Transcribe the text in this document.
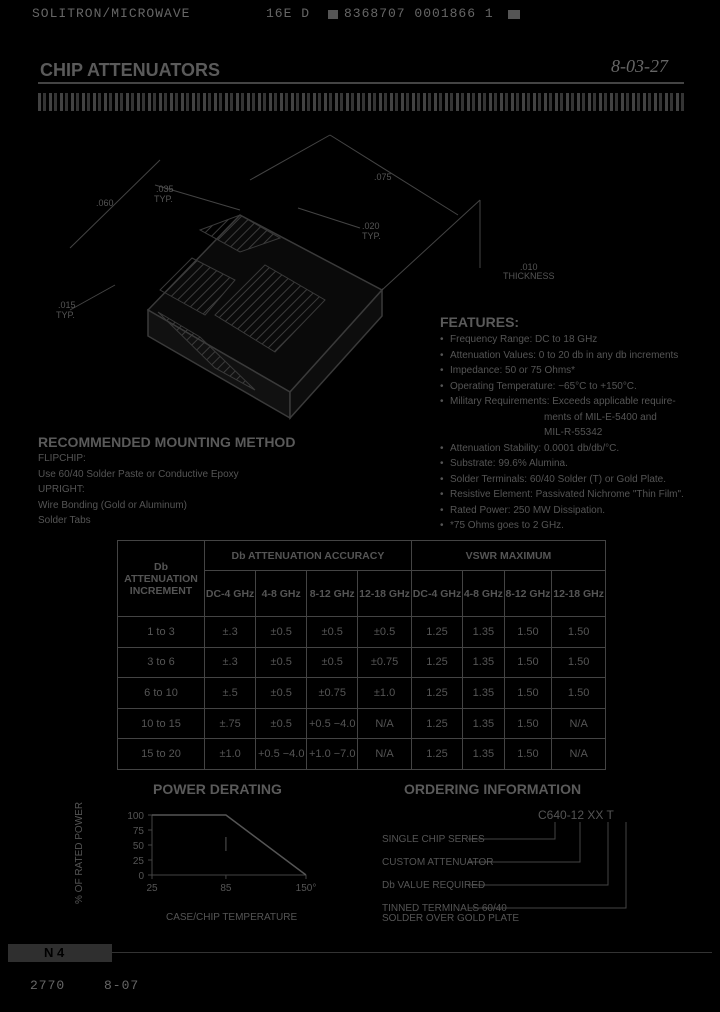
SOLITRON/MICROWAVE	16E D	8368707 0001866 1
CHIP ATTENUATORS	8-03-27
.060
.035
TYP.
.075
.020
TYP.
.010
THICKNESS
.015
TYP.	FEATURES:
• Frequency Range: DC to 18 GHz
• Attenuation Values: 0 to 20 db in any db increments
• Impedance: 50 or 75 Ohms*
• Operating Temperature: −65°C to +150°C.
• Military Requirements: Exceeds applicable require-
ments of MIL-E-5400 and
MIL-R-55342
• Attenuation Stability: 0.0001 db/db/°C.
• Substrate: 99.6% Alumina.
• Solder Terminals: 60/40 Solder (T) or Gold Plate.
• Resistive Element: Passivated Nichrome "Thin Film".
• Rated Power: 250 MW Dissipation.
• *75 Ohms goes to 2 GHz.
RECOMMENDED MOUNTING METHOD
FLIPCHIP:
Use 60/40 Solder Paste or Conductive Epoxy
UPRIGHT:
Wire Bonding (Gold or Aluminum)
Solder Tabs
Db ATTENUATION INCREMENT	Db ATTENUATION ACCURACY				VSWR MAXIMUM			
	DC-4 GHz	4-8 GHz	8-12 GHz	12-18 GHz	DC-4 GHz	4-8 GHz	8-12 GHz	12-18 GHz
1 to 3	±.3	±0.5	±0.5	±0.5	1.25	1.35	1.50	1.50
3 to 6	±.3	±0.5	±0.5	±0.75	1.25	1.35	1.50	1.50
6 to 10	±.5	±0.5	±0.75	±1.0	1.25	1.35	1.50	1.50
10 to 15	±.75	±0.5	+0.5 −4.0	N/A	1.25	1.35	1.50	N/A
15 to 20	±1.0	+0.5 −4.0	+1.0 −7.0	N/A	1.25	1.35	1.50	N/A
POWER DERATING
% OF RATED POWER	100
75
50
25
0
25	85	150°
CASE/CHIP TEMPERATURE
ORDERING INFORMATION
C640-12 XX T
SINGLE CHIP SERIES
CUSTOM ATTENUATOR
Db VALUE REQUIRED
TINNED TERMINALS 60/40
SOLDER OVER GOLD PLATE
N 4
2770	8-07
